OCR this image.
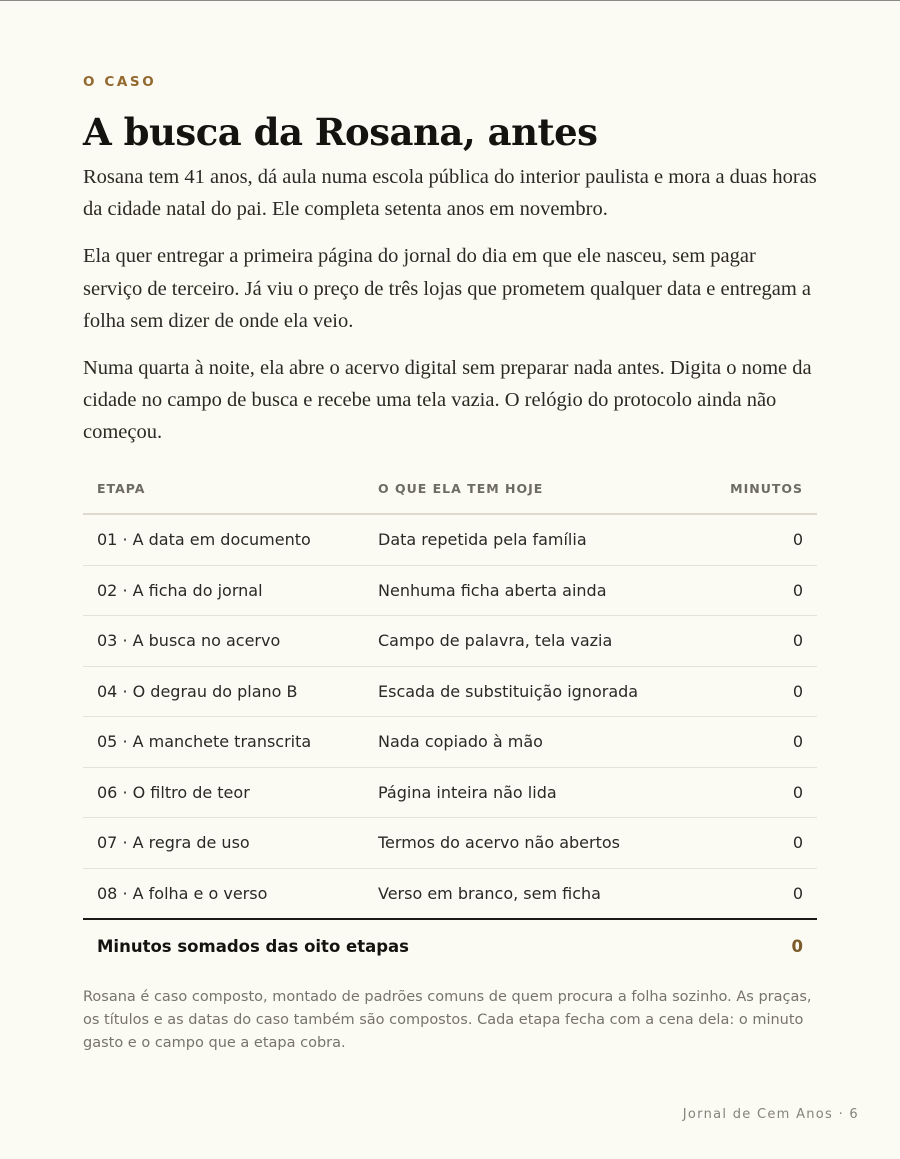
O CASO
A busca da Rosana, antes

Rosana tem 41 anos, dá aula numa escola pública do interior paulista e mora a duas horas da cidade natal do pai. Ele completa setenta anos em novembro.

Ela quer entregar a primeira página do jornal do dia em que ele nasceu, sem pagar serviço de terceiro. Já viu o preço de três lojas que prometem qualquer data e entregam a folha sem dizer de onde ela veio.

Numa quarta à noite, ela abre o acervo digital sem preparar nada antes. Digita o nome da cidade no campo de busca e recebe uma tela vazia. O relógio do protocolo ainda não começou.

ETAPA	O QUE ELA TEM HOJE	MINUTOS
01 · A data em documento	Data repetida pela família	0
02 · A ficha do jornal	Nenhuma ficha aberta ainda	0
03 · A busca no acervo	Campo de palavra, tela vazia	0
04 · O degrau do plano B	Escada de substituição ignorada	0
05 · A manchete transcrita	Nada copiado à mão	0
06 · O filtro de teor	Página inteira não lida	0
07 · A regra de uso	Termos do acervo não abertos	0
08 · A folha e o verso	Verso em branco, sem ficha	0
Minutos somados das oito etapas		0
Rosana é caso composto, montado de padrões comuns de quem procura a folha sozinho. As praças, os títulos e as datas do caso também são compostos. Cada etapa fecha com a cena dela: o minuto gasto e o campo que a etapa cobra.
Jornal de Cem Anos · 6
